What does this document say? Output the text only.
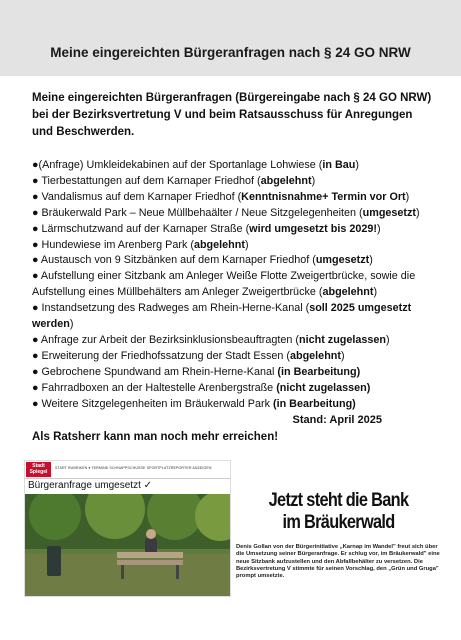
Meine eingereichten Bürgeranfragen nach § 24 GO NRW

Meine eingereichten Bürgeranfragen (Bürgereingabe nach § 24 GO NRW) bei der Bezirksvertretung V und beim Ratsausschuss für Anregungen und Beschwerden.

●(Anfrage) Umkleidekabinen auf der Sportanlage Lohwiese (in Bau)

● Tierbestattungen auf dem Karnaper Friedhof (abgelehnt)

● Vandalismus auf dem Karnaper Friedhof (Kenntnisnahme+ Termin vor Ort)

● Bräukerwald Park – Neue Müllbehaälter / Neue Sitzgelegenheiten (umgesetzt)

● Lärmschutzwand auf der Karnaper Straße (wird umgesetzt bis 2029!)

● Hundewiese im Arenberg Park (abgelehnt)

● Austausch von 9 Sitzbänken auf dem Karnaper Friedhof (umgesetzt)

● Aufstellung einer Sitzbank am Anleger Weiße Flotte Zweigertbrücke, sowie die Aufstellung eines Müllbehälters am Anleger Zweigertbrücke (abgelehnt)

● Instandsetzung des Radweges am Rhein-Herne-Kanal (soll 2025 umgesetzt werden)

● Anfrage zur Arbeit der Bezirksinklusionsbeauftragten (nicht zugelassen)

● Erweiterung der Friedhofssatzung der Stadt Essen (abgelehnt)

● Gebrochene Spundwand am Rhein-Herne-Kanal (in Bearbeitung)

● Fahrradboxen an der Haltestelle Arenbergstraße (nicht zugelassen)

● Weitere Sitzgelegenheiten im Bräukerwald Park (in Bearbeitung)

Stand: April 2025
Als Ratsherr kann man noch mehr erreichen!
Stadt
Spiegel
START RUBRIKEN ▾ TERMINE SCHNAPPSCHÜSSE SPORTPLATZREPORTER ANZEIGEN
Bürgeranfrage umgesetzt ✓
Jetzt steht die Bank
im Bräukerwald
Denis Gollan von der Bürgerinitiative „Karnap im Wandel" freut sich über die Umsetzung seiner Bürgeranfrage. Er schlug vor, im Bräukerwald" eine neue Sitzbank aufzustellen und den Abfallbehälter zu versetzen. Die Bezirksvertretung V stimmte für seinen Vorschlag, den „Grün und Gruga" prompt umsetzte.
